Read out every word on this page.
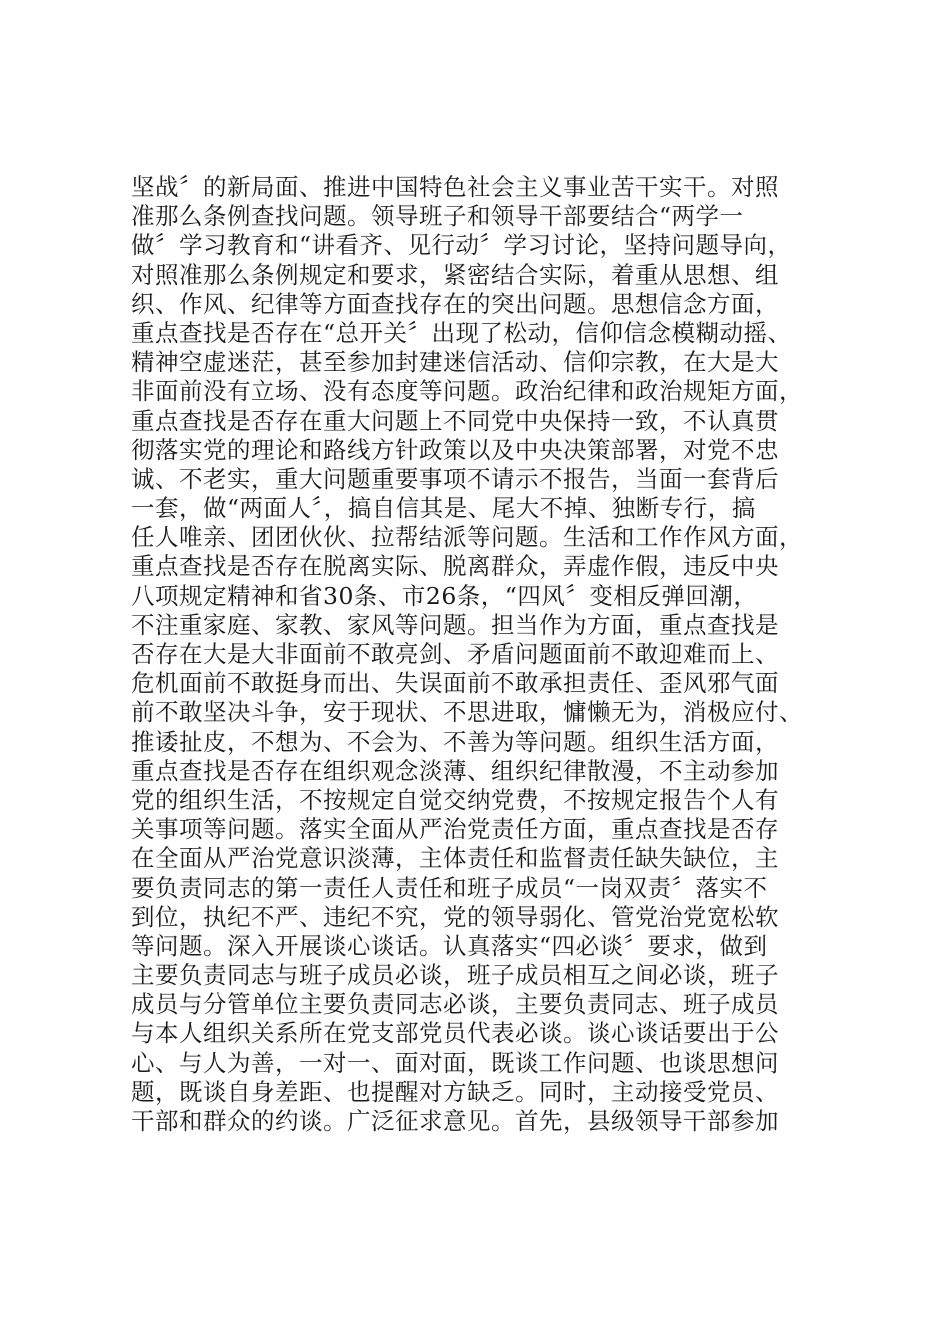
坚战〞的新局面、推进中国特色社会主义事业苦干实干。对照
准那么条例查找问题。领导班子和领导干部要结合“两学一
做〞学习教育和“讲看齐、见行动〞学习讨论，坚持问题导向，
对照准那么条例规定和要求，紧密结合实际，着重从思想、组
织、作风、纪律等方面查找存在的突出问题。思想信念方面，
重点查找是否存在“总开关〞出现了松动，信仰信念模糊动摇、
精神空虚迷茫，甚至参加封建迷信活动、信仰宗教，在大是大
非面前没有立场、没有态度等问题。政治纪律和政治规矩方面，
重点查找是否存在重大问题上不同党中央保持一致，不认真贯
彻落实党的理论和路线方针政策以及中央决策部署，对党不忠
诚、不老实，重大问题重要事项不请示不报告，当面一套背后
一套，做“两面人〞，搞自信其是、尾大不掉、独断专行，搞
任人唯亲、团团伙伙、拉帮结派等问题。生活和工作作风方面，
重点查找是否存在脱离实际、脱离群众，弄虚作假，违反中央
八项规定精神和省30条、市26条，“四风〞变相反弹回潮，
不注重家庭、家教、家风等问题。担当作为方面，重点查找是
否存在大是大非面前不敢亮剑、矛盾问题面前不敢迎难而上、
危机面前不敢挺身而出、失误面前不敢承担责任、歪风邪气面
前不敢坚决斗争，安于现状、不思进取，慵懒无为，消极应付、
推诿扯皮，不想为、不会为、不善为等问题。组织生活方面，
重点查找是否存在组织观念淡薄、组织纪律散漫，不主动参加
党的组织生活，不按规定自觉交纳党费，不按规定报告个人有
关事项等问题。落实全面从严治党责任方面，重点查找是否存
在全面从严治党意识淡薄，主体责任和监督责任缺失缺位，主
要负责同志的第一责任人责任和班子成员“一岗双责〞落实不
到位，执纪不严、违纪不究，党的领导弱化、管党治党宽松软
等问题。深入开展谈心谈话。认真落实“四必谈〞要求，做到
主要负责同志与班子成员必谈，班子成员相互之间必谈，班子
成员与分管单位主要负责同志必谈，主要负责同志、班子成员
与本人组织关系所在党支部党员代表必谈。谈心谈话要出于公
心、与人为善，一对一、面对面，既谈工作问题、也谈思想问
题，既谈自身差距、也提醒对方缺乏。同时，主动接受党员、
干部和群众的约谈。广泛征求意见。首先，县级领导干部参加
